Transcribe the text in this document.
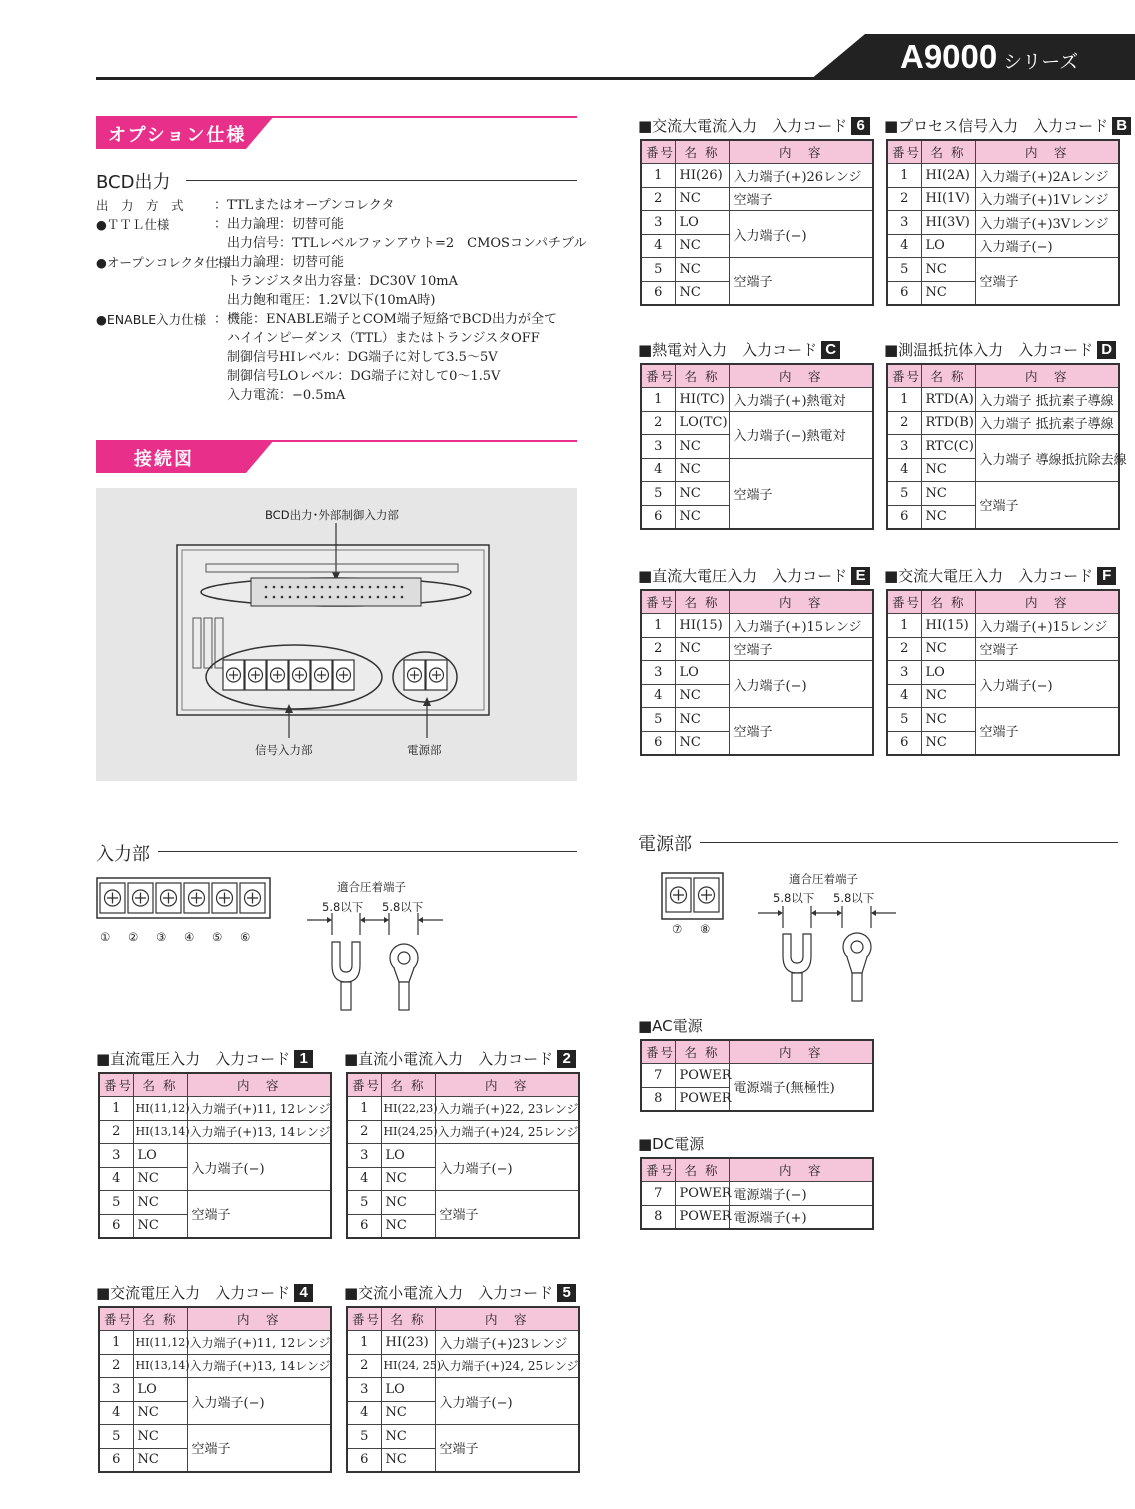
A9000 シリーズ
オプション仕様
BCD出力
出　力　方　式 ：TTLまたはオープンコレクタ
●ＴＴＬ仕様	：出力論理：切替可能
　出力信号：TTLレベルファンアウト=2　CMOSコンパチブル
●オープンコレクタ仕様
：出力論理：切替可能
　トランジスタ出力容量：DC30V 10mA
　出力飽和電圧：1.2V以下(10mA時)
●ENABLE入力仕様 ：機能：ENABLE端子とCOM端子短絡でBCD出力が全て
　ハイインピーダンス（TTL）またはトランジスタOFF
　制御信号HIレベル：DG端子に対して3.5～5V
　制御信号LOレベル：DG端子に対して0～1.5V
　入力電流：−0.5mA
接続図
BCD出力･外部制御入力部
信号入力部	電源部
入力部
① ② ③ ④ ⑤ ⑥
適合圧着端子
5.8以下 5.8以下
電源部
⑦ ⑧
適合圧着端子
5.8以下 5.8以下
■交流大電流入力　入力コード 6
番号	名 称	内　容
1	HI(26)	入力端子(+)26レンジ
2	NC	空端子
3	LO	入力端子(−)
4	NC	
5	NC	空端子
6	NC	
■プロセス信号入力　入力コード B
番号	名 称	内　容
1	HI(2A)	入力端子(+)2Aレンジ
2	HI(1V)	入力端子(+)1Vレンジ
3	HI(3V)	入力端子(+)3Vレンジ
4	LO	入力端子(−)
5	NC	空端子
6	NC	
■熱電対入力　入力コード C
番号	名 称	内　容
1	HI(TC)	入力端子(+)熱電対
2	LO(TC)	入力端子(−)熱電対
3	NC	
4	NC	空端子
5	NC	
6	NC	
■測温抵抗体入力　入力コード D
番号	名 称	内　容
1	RTD(A)	入力端子 抵抗素子導線
2	RTD(B)	入力端子 抵抗素子導線
3	RTC(C)	入力端子 導線抵抗除去線
4	NC	
5	NC	空端子
6	NC	
■直流大電圧入力　入力コード E
番号	名 称	内　容
1	HI(15)	入力端子(+)15レンジ
2	NC	空端子
3	LO	入力端子(−)
4	NC	
5	NC	空端子
6	NC	
■交流大電圧入力　入力コード F
番号	名 称	内　容
1	HI(15)	入力端子(+)15レンジ
2	NC	空端子
3	LO	入力端子(−)
4	NC	
5	NC	空端子
6	NC	
■直流電圧入力　入力コード 1
番号	名 称	内　容
1	HI(11,12)	入力端子(+)11, 12レンジ
2	HI(13,14)	入力端子(+)13, 14レンジ
3	LO	入力端子(−)
4	NC	
5	NC	空端子
6	NC	
■直流小電流入力　入力コード 2
番号	名 称	内　容
1	HI(22,23)	入力端子(+)22, 23レンジ
2	HI(24,25)	入力端子(+)24, 25レンジ
3	LO	入力端子(−)
4	NC	
5	NC	空端子
6	NC	
■交流電圧入力　入力コード 4
番号	名 称	内　容
1	HI(11,12)	入力端子(+)11, 12レンジ
2	HI(13,14)	入力端子(+)13, 14レンジ
3	LO	入力端子(−)
4	NC	
5	NC	空端子
6	NC	
■交流小電流入力　入力コード 5
番号	名 称	内　容
1	HI(23)	入力端子(+)23レンジ
2	HI(24, 25)	入力端子(+)24, 25レンジ
3	LO	入力端子(−)
4	NC	
5	NC	空端子
6	NC	
■AC電源
番号	名 称	内　容
7	POWER	電源端子(無極性)
8	POWER	
■DC電源
番号	名 称	内　容
7	POWER	電源端子(−)
8	POWER	電源端子(+)
